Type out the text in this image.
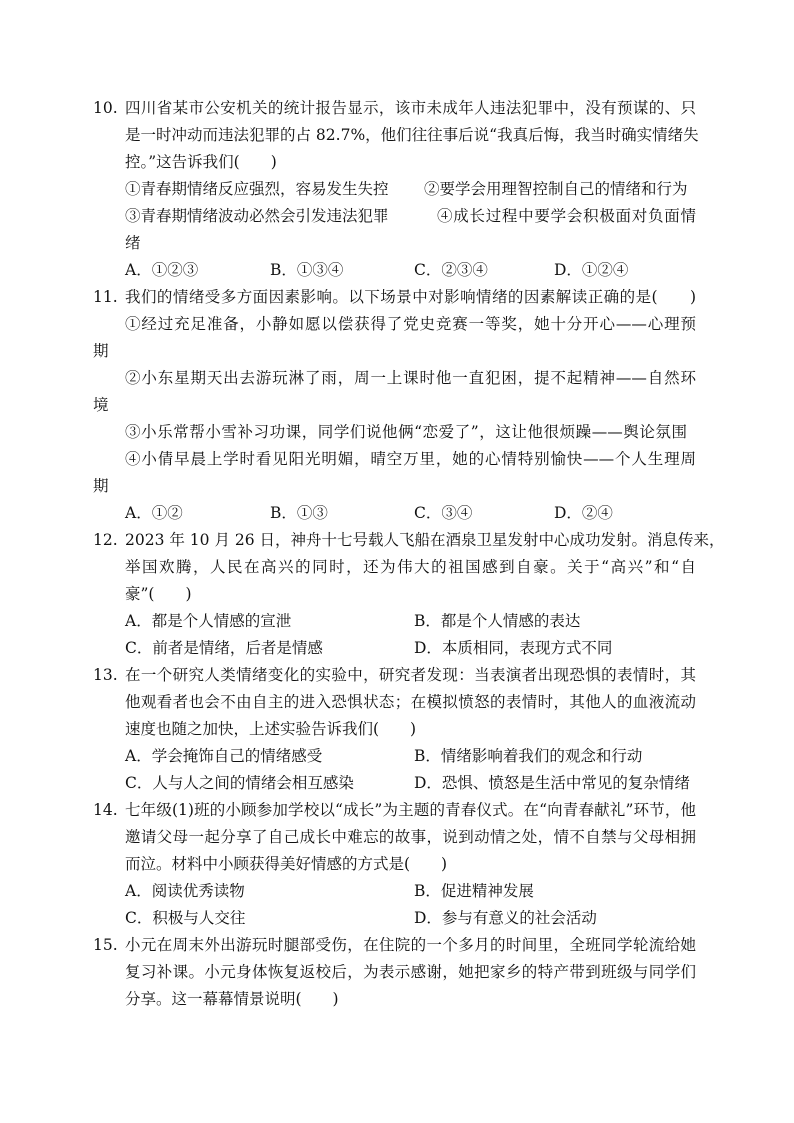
10. 四川省某市公安机关的统计报告显示，该市未成年人违法犯罪中，没有预谋的、只
是一时冲动而违法犯罪的占 82.7%，他们往往事后说“我真后悔，我当时确实情绪失
控。”这告诉我们(　　)
①青春期情绪反应强烈，容易发生失控 ②要学会用理智控制自己的情绪和行为
③青春期情绪波动必然会引发违法犯罪	④成长过程中要学会积极面对负面情
绪
A．①②③	B．①③④	C．②③④	D．①②④
11. 我们的情绪受多方面因素影响。以下场景中对影响情绪的因素解读正确的是(　　)
①经过充足准备，小静如愿以偿获得了党史竞赛一等奖，她十分开心——心理预
期
②小东星期天出去游玩淋了雨，周一上课时他一直犯困，提不起精神——自然环
境
③小乐常帮小雪补习功课，同学们说他俩“恋爱了”，这让他很烦躁——舆论氛围
④小倩早晨上学时看见阳光明媚，晴空万里，她的心情特别愉快——个人生理周
期
A．①②	B．①③	C．③④	D．②④
12. 2023 年 10 月 26 日，神舟十七号载人飞船在酒泉卫星发射中心成功发射。消息传来，
举国欢腾，人民在高兴的同时，还为伟大的祖国感到自豪。关于“高兴”和“自
豪”(　　)
A．都是个人情感的宣泄	B．都是个人情感的表达
C．前者是情绪，后者是情感	D．本质相同，表现方式不同
13. 在一个研究人类情绪变化的实验中，研究者发现：当表演者出现恐惧的表情时，其
他观看者也会不由自主的进入恐惧状态；在模拟愤怒的表情时，其他人的血液流动
速度也随之加快，上述实验告诉我们(　　)
A．学会掩饰自己的情绪感受	B．情绪影响着我们的观念和行动
C．人与人之间的情绪会相互感染	D．恐惧、愤怒是生活中常见的复杂情绪
14. 七年级(1)班的小顾参加学校以“成长”为主题的青春仪式。在“向青春献礼”环节，他
邀请父母一起分享了自己成长中难忘的故事，说到动情之处，情不自禁与父母相拥
而泣。材料中小顾获得美好情感的方式是(　　)
A．阅读优秀读物	B．促进精神发展
C．积极与人交往	D．参与有意义的社会活动
15. 小元在周末外出游玩时腿部受伤，在住院的一个多月的时间里，全班同学轮流给她
复习补课。小元身体恢复返校后，为表示感谢，她把家乡的特产带到班级与同学们
分享。这一幕幕情景说明(　　)
